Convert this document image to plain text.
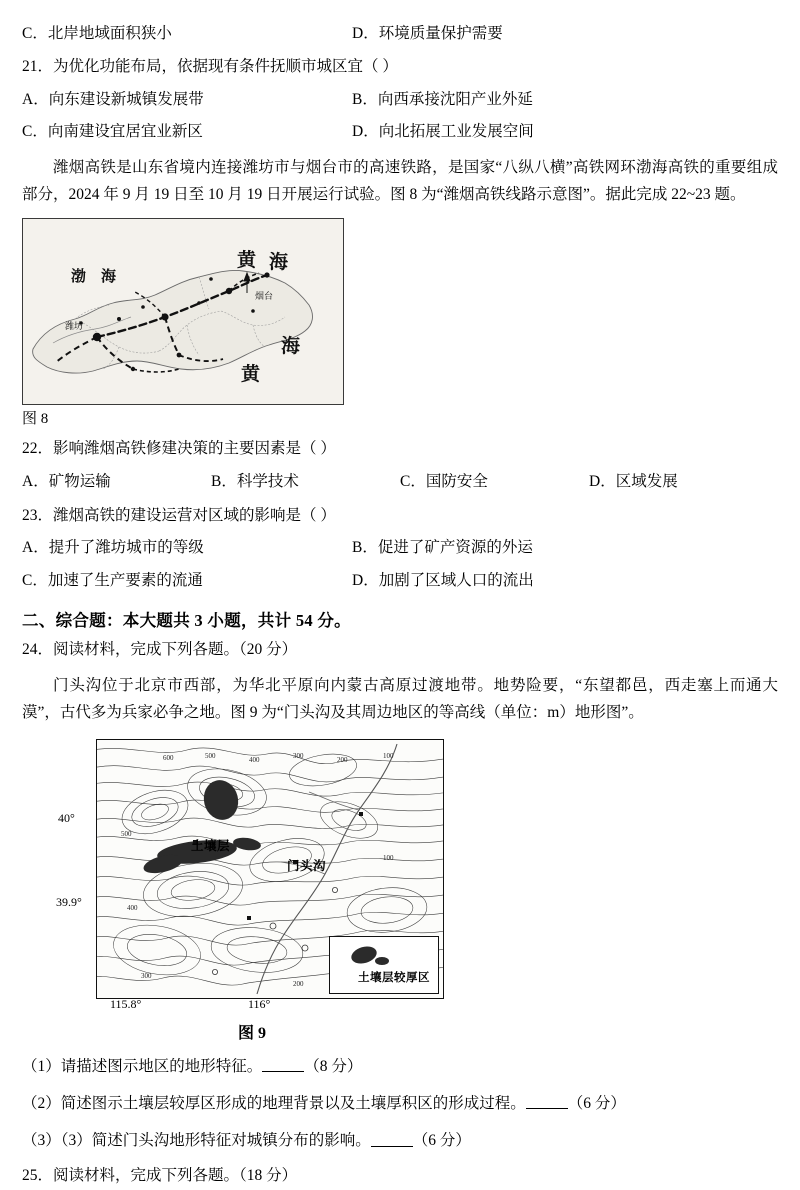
C．北岸地域面积狭小	D．环境质量保护需要
21．为优化功能布局，依据现有条件抚顺市城区宜（ ）
A．向东建设新城镇发展带	B．向西承接沈阳产业外延
C．向南建设宜居宜业新区	D．向北拓展工业发展空间
潍烟高铁是山东省境内连接潍坊市与烟台市的高速铁路，是国家“八纵八横”高铁网环渤海高铁的重要组成部分，2024 年 9 月 19 日至 10 月 19 日开展运行试验。图 8 为“潍烟高铁线路示意图”。据此完成 22~23 题。
渤　海
黄 海
烟台
潍坊
黄
海
图 8
22．影响潍烟高铁修建决策的主要因素是（ ）
A．矿物运输	B．科学技术	C．国防安全	D．区域发展
23．潍烟高铁的建设运营对区域的影响是（ ）
A．提升了潍坊城市的等级	B．促进了矿产资源的外运
C．加速了生产要素的流通	D．加剧了区域人口的流出
二、综合题：本大题共 3 小题，共计 54 分。
24．阅读材料，完成下列各题。（20 分）
门头沟位于北京市西部，为华北平原向内蒙古高原过渡地带。地势险要，“东望都邑，西走塞上而通大漠”，古代多为兵家必争之地。图 9 为“门头沟及其周边地区的等高线（单位：m）地形图”。
600	500	400	300	200	100
500
400
300
200
100
土壤层
门头沟
土壤层较厚区
40°
39.9°
115.8°	116°
图 9
（1）请描述图示地区的地形特征。	（8 分）
（2）简述图示土壤层较厚区形成的地理背景以及土壤厚积区的形成过程。	（6 分）
（3）（3）简述门头沟地形特征对城镇分布的影响。	（6 分）
25．阅读材料，完成下列各题。（18 分）
